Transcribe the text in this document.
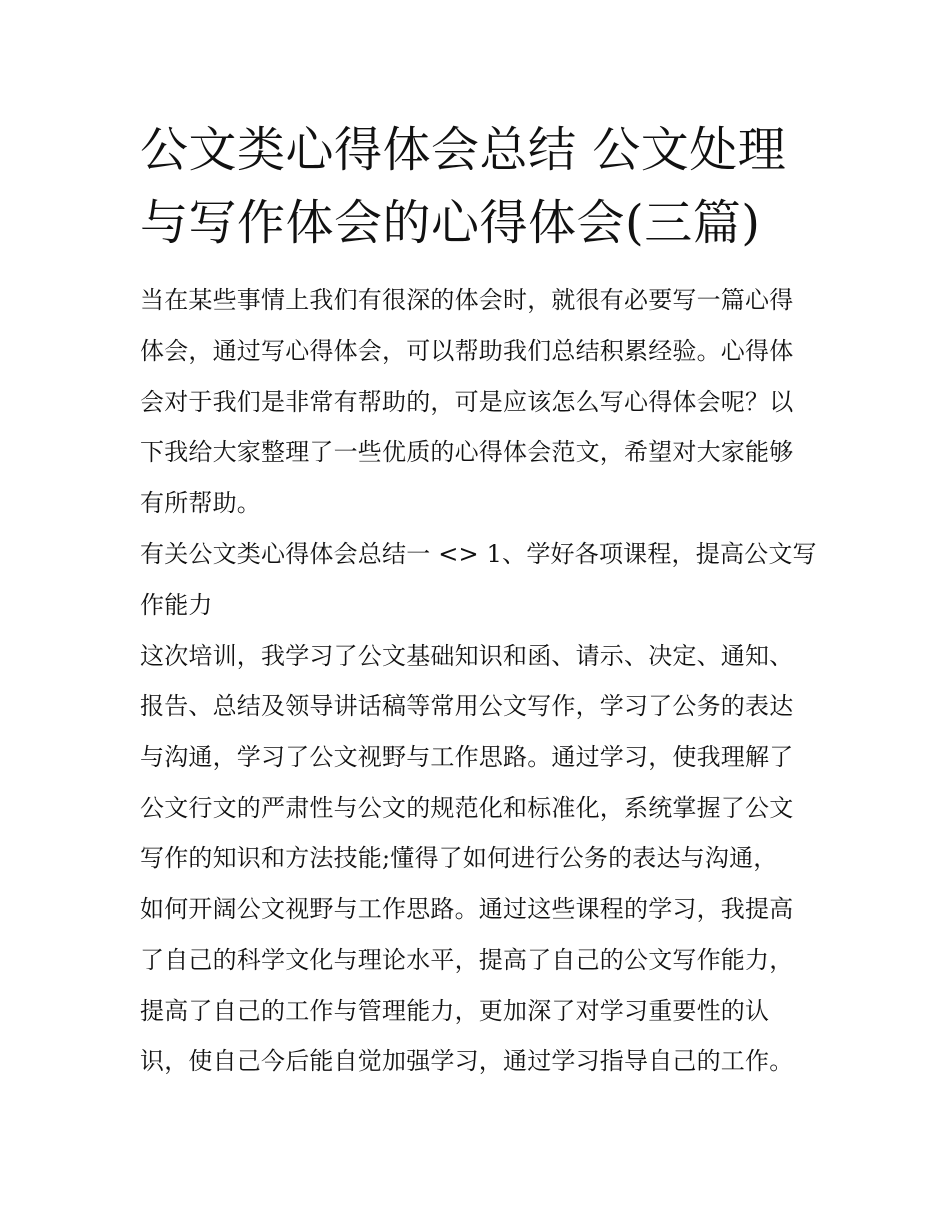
公文类心得体会总结 公文处理
与写作体会的心得体会(三篇)

当在某些事情上我们有很深的体会时，就很有必要写一篇心得

体会，通过写心得体会，可以帮助我们总结积累经验。心得体

会对于我们是非常有帮助的，可是应该怎么写心得体会呢？以

下我给大家整理了一些优质的心得体会范文，希望对大家能够

有所帮助。

有关公文类心得体会总结一 <> 1、学好各项课程，提高公文写

作能力

这次培训，我学习了公文基础知识和函、请示、决定、通知、

报告、总结及领导讲话稿等常用公文写作，学习了公务的表达

与沟通，学习了公文视野与工作思路。通过学习，使我理解了

公文行文的严肃性与公文的规范化和标准化，系统掌握了公文

写作的知识和方法技能;懂得了如何进行公务的表达与沟通，

如何开阔公文视野与工作思路。通过这些课程的学习，我提高

了自己的科学文化与理论水平，提高了自己的公文写作能力，

提高了自己的工作与管理能力，更加深了对学习重要性的认

识，使自己今后能自觉加强学习，通过学习指导自己的工作。
